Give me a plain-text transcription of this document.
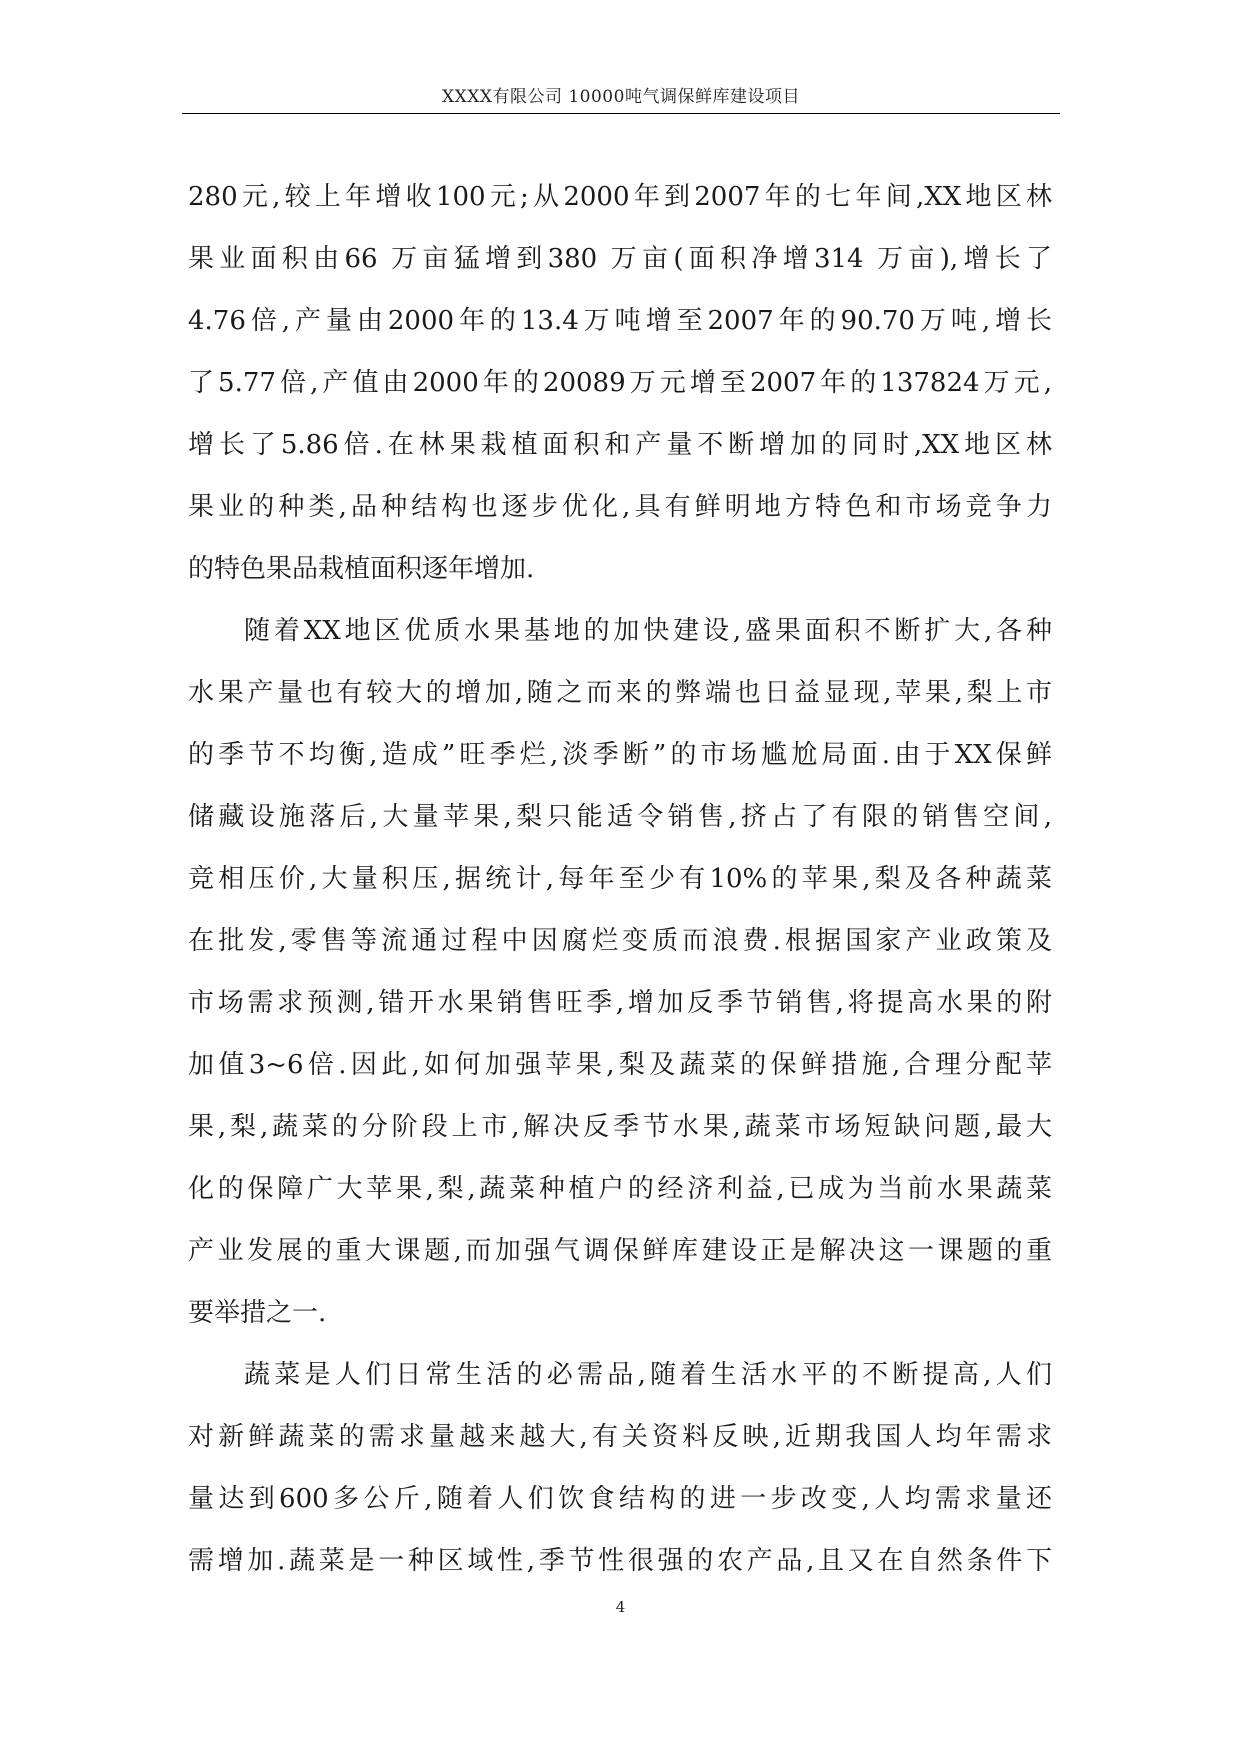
XXXX有限公司 10000吨气调保鲜库建设项目
280元,较上年增收100元;从2000年到2007年的七年间,XX地区林
果业面积由66 万亩猛增到380 万亩(面积净增314 万亩),增长了
4.76倍,产量由2000年的13.4万吨增至2007年的90.70万吨,增长
了5.77倍,产值由2000年的20089万元增至2007年的137824万元,
增长了5.86倍.在林果栽植面积和产量不断增加的同时,XX地区林
果业的种类,品种结构也逐步优化,具有鲜明地方特色和市场竞争力
的特色果品栽植面积逐年增加.
随着XX地区优质水果基地的加快建设,盛果面积不断扩大,各种
水果产量也有较大的增加,随之而来的弊端也日益显现,苹果,梨上市
的季节不均衡,造成”旺季烂,淡季断”的市场尴尬局面.由于XX保鲜
储藏设施落后,大量苹果,梨只能适令销售,挤占了有限的销售空间,
竞相压价,大量积压,据统计,每年至少有10%的苹果,梨及各种蔬菜
在批发,零售等流通过程中因腐烂变质而浪费.根据国家产业政策及
市场需求预测,错开水果销售旺季,增加反季节销售,将提高水果的附
加值3~6倍.因此,如何加强苹果,梨及蔬菜的保鲜措施,合理分配苹
果,梨,蔬菜的分阶段上市,解决反季节水果,蔬菜市场短缺问题,最大
化的保障广大苹果,梨,蔬菜种植户的经济利益,已成为当前水果蔬菜
产业发展的重大课题,而加强气调保鲜库建设正是解决这一课题的重
要举措之一.
蔬菜是人们日常生活的必需品,随着生活水平的不断提高,人们
对新鲜蔬菜的需求量越来越大,有关资料反映,近期我国人均年需求
量达到600多公斤,随着人们饮食结构的进一步改变,人均需求量还
需增加.蔬菜是一种区域性,季节性很强的农产品,且又在自然条件下
4
